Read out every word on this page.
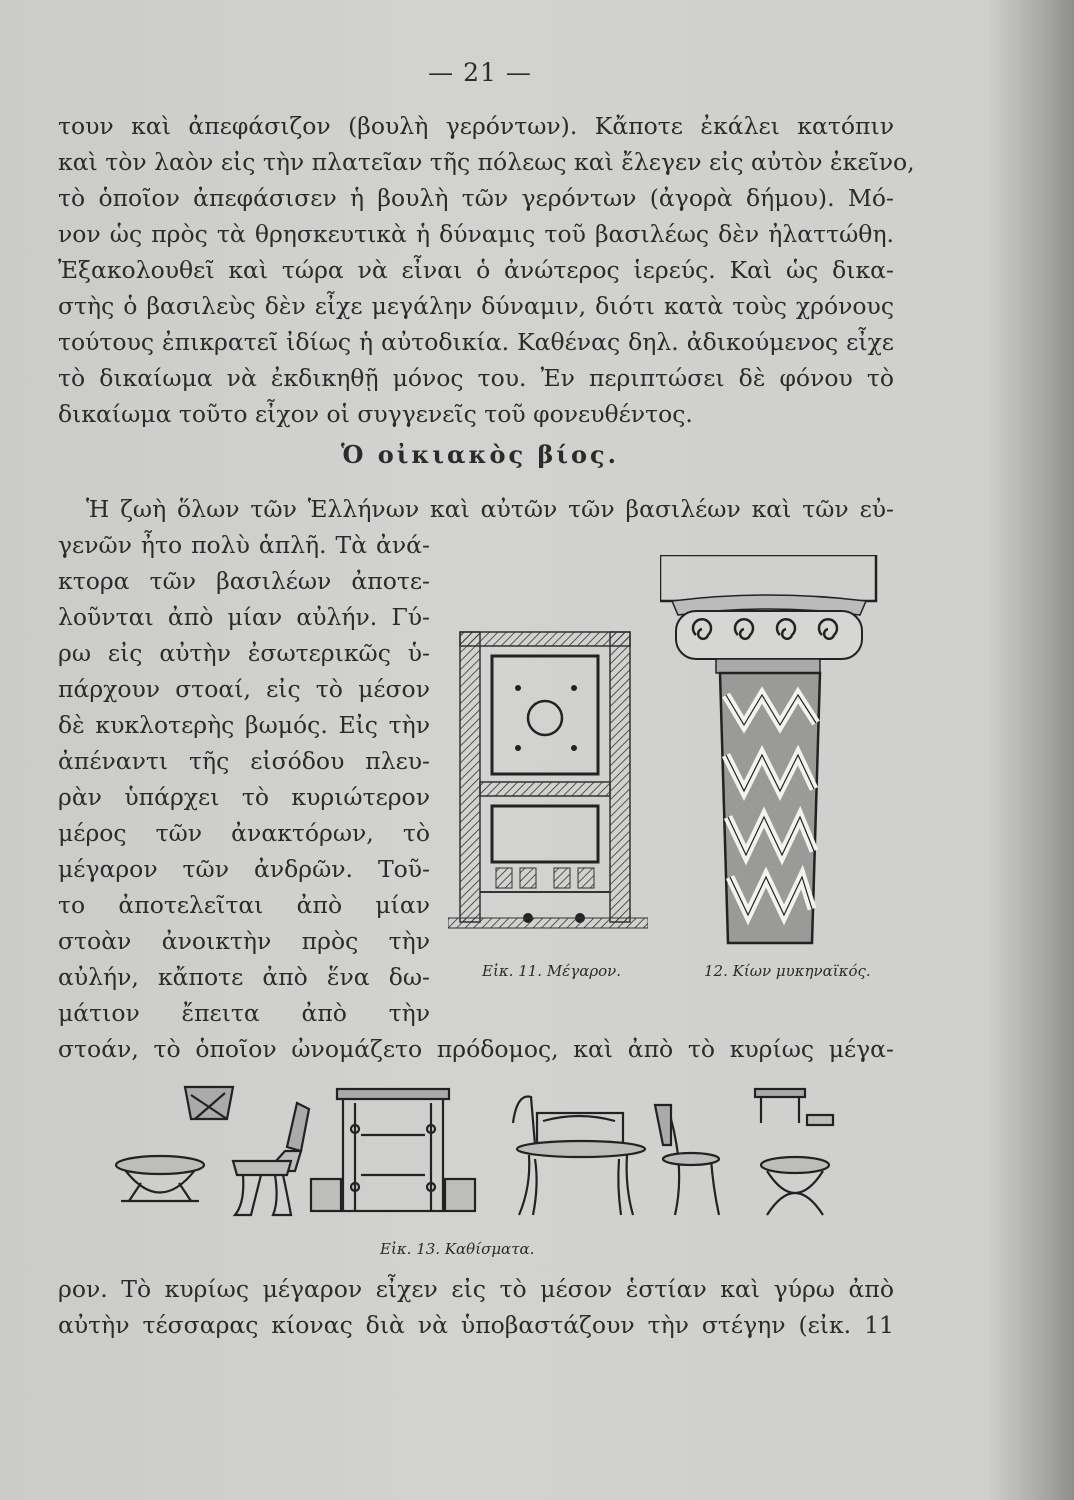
— 21 —
τουν καὶ ἀπεφάσιζον (βουλὴ γερόντων). Κἄποτε ἐκάλει κατόπιν
καὶ τὸν λαὸν εἰς τὴν πλατεῖαν τῆς πόλεως καὶ ἔλεγεν εἰς αὐτὸν ἐκεῖνο,
τὸ ὁποῖον ἀπεφάσισεν ἡ βουλὴ τῶν γερόντων (ἀγορὰ δήμου). Μό-
νον ὡς πρὸς τὰ θρησκευτικὰ ἡ δύναμις τοῦ βασιλέως δὲν ἠλαττώθη.
Ἐξακολουθεῖ καὶ τώρα νὰ εἶναι ὁ ἀνώτερος ἱερεύς. Καὶ ὡς δικα-
στὴς ὁ βασιλεὺς δὲν εἶχε μεγάλην δύναμιν, διότι κατὰ τοὺς χρόνους
τούτους ἐπικρατεῖ ἰδίως ἡ αὐτοδικία. Καθένας δηλ. ἀδικούμενος εἶχε
τὸ δικαίωμα νὰ ἐκδικηθῇ μόνος του. Ἐν περιπτώσει δὲ φόνου τὸ
δικαίωμα τοῦτο εἶχον οἱ συγγενεῖς τοῦ φονευθέντος.
Ὁ οἰκιακὸς βίος.
Ἡ ζωὴ ὅλων τῶν Ἑλλήνων καὶ αὐτῶν τῶν βασιλέων καὶ τῶν εὐ-
γενῶν ἦτο πολὺ ἁπλῆ. Τὰ ἀνά-
κτορα τῶν βασιλέων ἀποτε-
λοῦνται ἀπὸ μίαν αὐλήν. Γύ-
ρω εἰς αὐτὴν ἐσωτερικῶς ὑ-
πάρχουν στοαί, εἰς τὸ μέσον
δὲ κυκλοτερὴς βωμός. Εἰς τὴν
ἀπέναντι τῆς εἰσόδου πλευ-
ρὰν ὑπάρχει τὸ κυριώτερον
μέρος τῶν ἀνακτόρων, τὸ
μέγαρον τῶν ἀνδρῶν. Τοῦ-
το ἀποτελεῖται ἀπὸ μίαν
στοὰν ἀνοικτὴν πρὸς τὴν
αὐλήν, κἄποτε ἀπὸ ἕνα δω-
μάτιον ἔπειτα ἀπὸ τὴν
στοάν, τὸ ὁποῖον ὠνομάζετο πρόδομος, καὶ ἀπὸ τὸ κυρίως μέγα-
Εἰκ. 11. Μέγαρον.	12. Κίων μυκηναϊκός.
Εἰκ. 13. Καθίσματα.
ρον. Τὸ κυρίως μέγαρον εἶχεν εἰς τὸ μέσον ἑστίαν καὶ γύρω ἀπὸ
αὐτὴν τέσσαρας κίονας διὰ νὰ ὑποβαστάζουν τὴν στέγην (εἰκ. 11
